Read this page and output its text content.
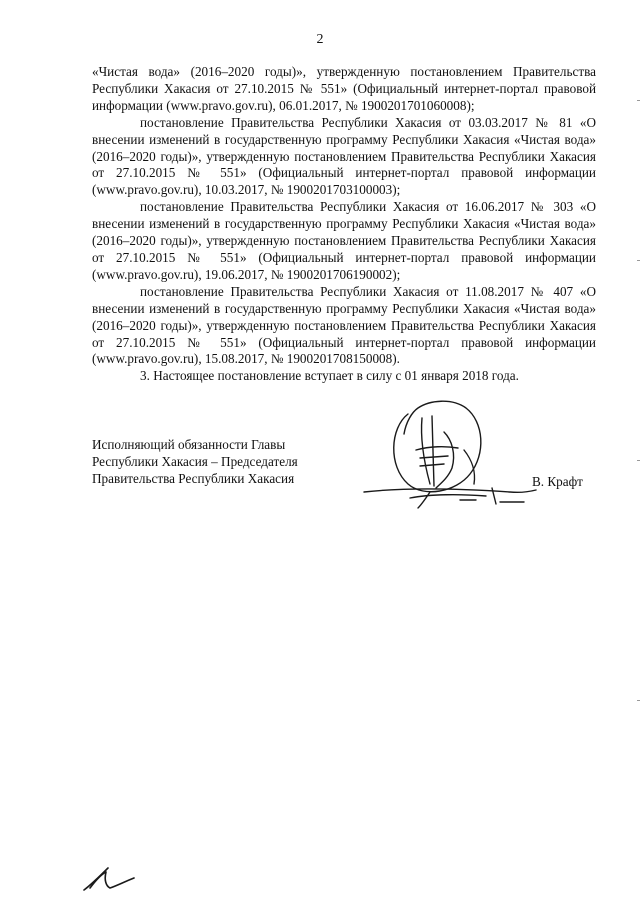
2

«Чистая вода» (2016–2020 годы)», утвержденную постановлением Правительства Республики Хакасия от 27.10.2015 № 551» (Официальный интернет-портал правовой информации (www.pravo.gov.ru), 06.01.2017, № 1900201701060008);

постановление Правительства Республики Хакасия от 03.03.2017 № 81 «О внесении изменений в государственную программу Республики Хакасия «Чистая вода» (2016–2020 годы)», утвержденную постановлением Правительства Республики Хакасия от 27.10.2015 № 551» (Официальный интернет-портал правовой информации (www.pravo.gov.ru), 10.03.2017, № 1900201703100003);

постановление Правительства Республики Хакасия от 16.06.2017 № 303 «О внесении изменений в государственную программу Республики Хакасия «Чистая вода» (2016–2020 годы)», утвержденную постановлением Правительства Республики Хакасия от 27.10.2015 № 551» (Официальный интернет-портал правовой информации (www.pravo.gov.ru), 19.06.2017, № 1900201706190002);

постановление Правительства Республики Хакасия от 11.08.2017 № 407 «О внесении изменений в государственную программу Республики Хакасия «Чистая вода» (2016–2020 годы)», утвержденную постановлением Правительства Республики Хакасия от 27.10.2015 № 551» (Официальный интернет-портал правовой информации (www.pravo.gov.ru), 15.08.2017, № 1900201708150008).

3. Настоящее постановление вступает в силу с 01 января 2018 года.

Исполняющий обязанности Главы
Республики Хакасия – Председателя
Правительства Республики Хакасия	В. Крафт
